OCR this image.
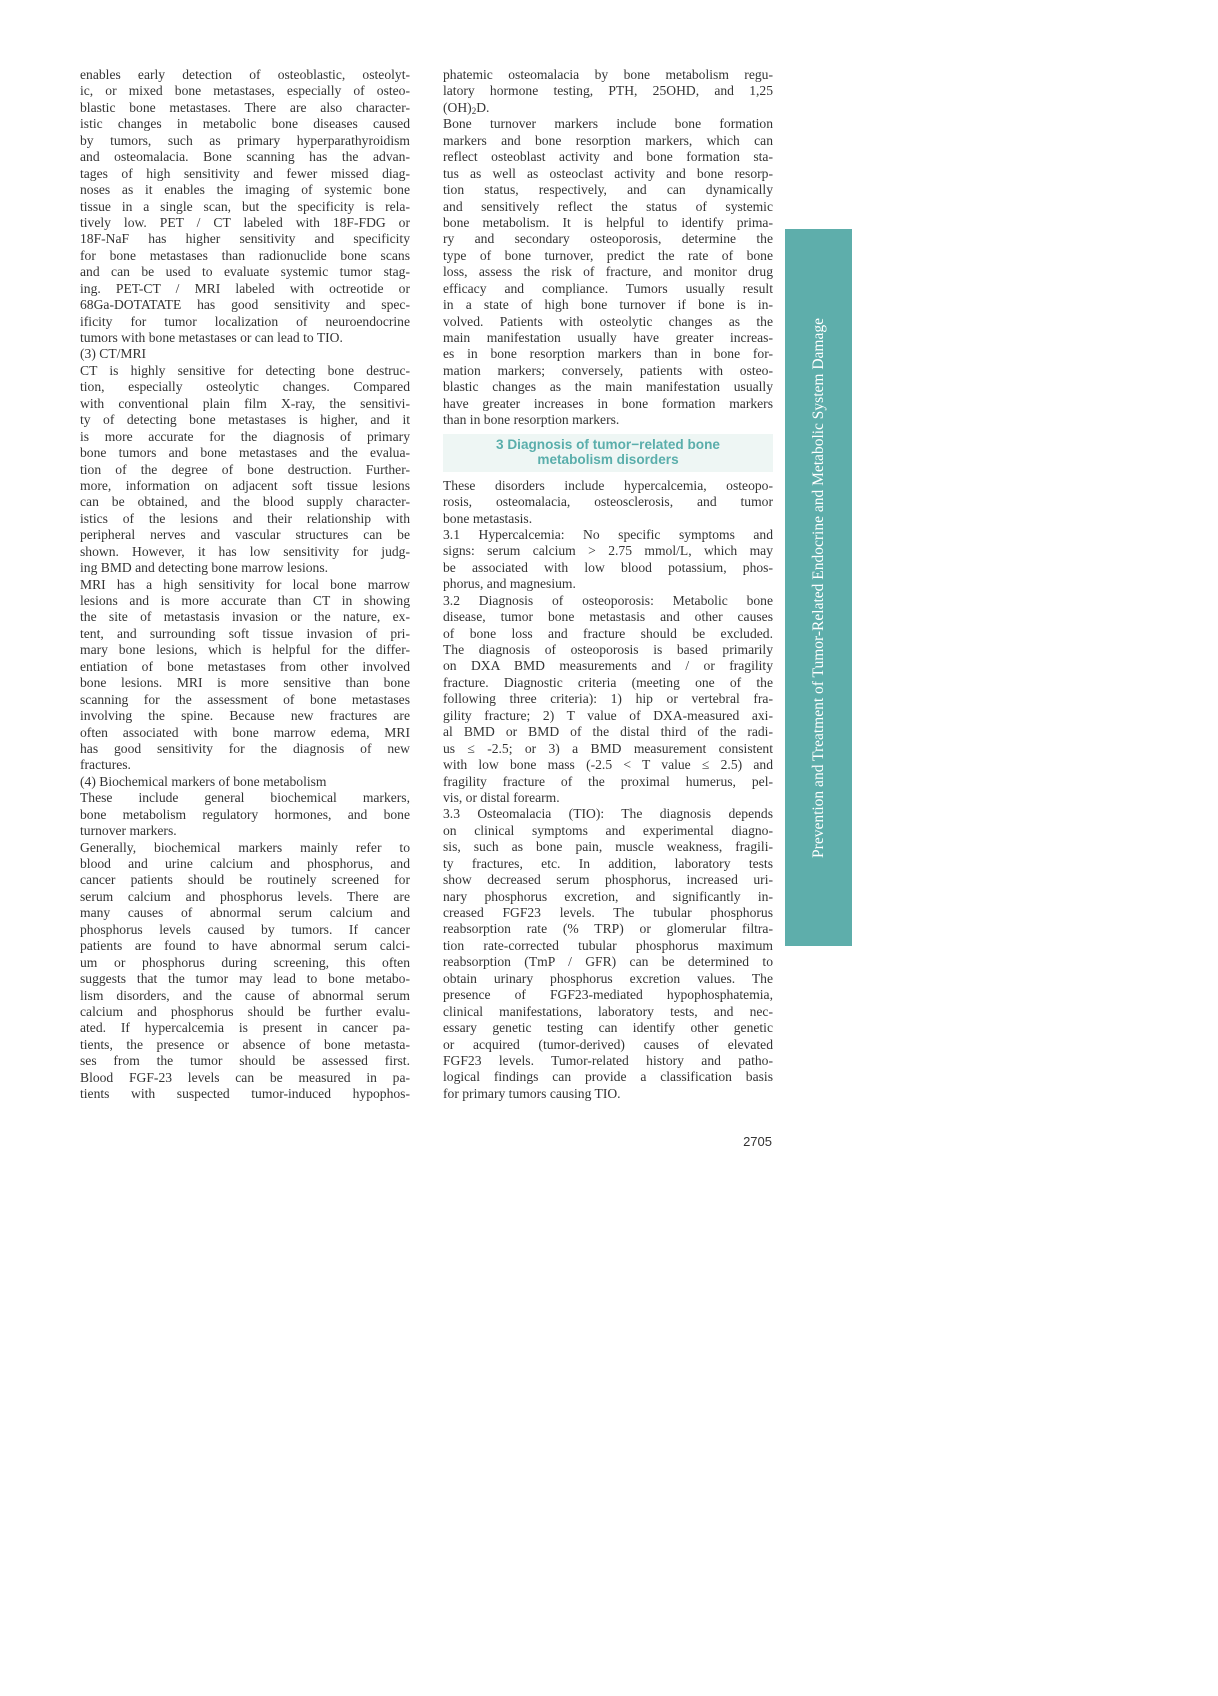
enables early detection of osteoblastic, osteolyt-
ic, or mixed bone metastases, especially of osteo-
blastic bone metastases. There are also character-
istic changes in metabolic bone diseases caused
by tumors, such as primary hyperparathyroidism
and osteomalacia. Bone scanning has the advan-
tages of high sensitivity and fewer missed diag-
noses as it enables the imaging of systemic bone
tissue in a single scan, but the specificity is rela-
tively low. PET / CT labeled with 18F-FDG or
18F-NaF has higher sensitivity and specificity
for bone metastases than radionuclide bone scans
and can be used to evaluate systemic tumor stag-
ing. PET-CT / MRI labeled with octreotide or
68Ga-DOTATATE has good sensitivity and spec-
ificity for tumor localization of neuroendocrine
tumors with bone metastases or can lead to TIO.
(3) CT/MRI
CT is highly sensitive for detecting bone destruc-
tion, especially osteolytic changes. Compared
with conventional plain film X-ray, the sensitivi-
ty of detecting bone metastases is higher, and it
is more accurate for the diagnosis of primary
bone tumors and bone metastases and the evalua-
tion of the degree of bone destruction. Further-
more, information on adjacent soft tissue lesions
can be obtained, and the blood supply character-
istics of the lesions and their relationship with
peripheral nerves and vascular structures can be
shown. However, it has low sensitivity for judg-
ing BMD and detecting bone marrow lesions.
MRI has a high sensitivity for local bone marrow
lesions and is more accurate than CT in showing
the site of metastasis invasion or the nature, ex-
tent, and surrounding soft tissue invasion of pri-
mary bone lesions, which is helpful for the differ-
entiation of bone metastases from other involved
bone lesions. MRI is more sensitive than bone
scanning for the assessment of bone metastases
involving the spine. Because new fractures are
often associated with bone marrow edema, MRI
has good sensitivity for the diagnosis of new
fractures.
(4) Biochemical markers of bone metabolism
These include general biochemical markers,
bone metabolism regulatory hormones, and bone
turnover markers.
Generally, biochemical markers mainly refer to
blood and urine calcium and phosphorus, and
cancer patients should be routinely screened for
serum calcium and phosphorus levels. There are
many causes of abnormal serum calcium and
phosphorus levels caused by tumors. If cancer
patients are found to have abnormal serum calci-
um or phosphorus during screening, this often
suggests that the tumor may lead to bone metabo-
lism disorders, and the cause of abnormal serum
calcium and phosphorus should be further evalu-
ated. If hypercalcemia is present in cancer pa-
tients, the presence or absence of bone metasta-
ses from the tumor should be assessed first.
Blood FGF-23 levels can be measured in pa-
tients with suspected tumor-induced hypophos-
phatemic osteomalacia by bone metabolism regu-
latory hormone testing, PTH, 25OHD, and 1,25
$(OH)_2D$.
Bone turnover markers include bone formation
markers and bone resorption markers, which can
reflect osteoblast activity and bone formation sta-
tus as well as osteoclast activity and bone resorp-
tion status, respectively, and can dynamically
and sensitively reflect the status of systemic
bone metabolism. It is helpful to identify prima-
ry and secondary osteoporosis, determine the
type of bone turnover, predict the rate of bone
loss, assess the risk of fracture, and monitor drug
efficacy and compliance. Tumors usually result
in a state of high bone turnover if bone is in-
volved. Patients with osteolytic changes as the
main manifestation usually have greater increas-
es in bone resorption markers than in bone for-
mation markers; conversely, patients with osteo-
blastic changes as the main manifestation usually
have greater increases in bone formation markers
than in bone resorption markers.
3 Diagnosis of tumor−related bone
metabolism disorders
These disorders include hypercalcemia, osteopo-
rosis, osteomalacia, osteosclerosis, and tumor
bone metastasis.
3.1 Hypercalcemia: No specific symptoms and
signs: serum calcium > 2.75 mmol/L, which may
be associated with low blood potassium, phos-
phorus, and magnesium.
3.2 Diagnosis of osteoporosis: Metabolic bone
disease, tumor bone metastasis and other causes
of bone loss and fracture should be excluded.
The diagnosis of osteoporosis is based primarily
on DXA BMD measurements and / or fragility
fracture. Diagnostic criteria (meeting one of the
following three criteria): 1) hip or vertebral fra-
gility fracture; 2) T value of DXA-measured axi-
al BMD or BMD of the distal third of the radi-
us ≤ -2.5; or 3) a BMD measurement consistent
with low bone mass (-2.5 < T value ≤ 2.5) and
fragility fracture of the proximal humerus, pel-
vis, or distal forearm.
3.3 Osteomalacia (TIO): The diagnosis depends
on clinical symptoms and experimental diagno-
sis, such as bone pain, muscle weakness, fragili-
ty fractures, etc. In addition, laboratory tests
show decreased serum phosphorus, increased uri-
nary phosphorus excretion, and significantly in-
creased FGF23 levels. The tubular phosphorus
reabsorption rate (% TRP) or glomerular filtra-
tion rate-corrected tubular phosphorus maximum
reabsorption (TmP / GFR) can be determined to
obtain urinary phosphorus excretion values. The
presence of FGF23-mediated hypophosphatemia,
clinical manifestations, laboratory tests, and nec-
essary genetic testing can identify other genetic
or acquired (tumor-derived) causes of elevated
FGF23 levels. Tumor-related history and patho-
logical findings can provide a classification basis
for primary tumors causing TIO.
Prevention and Treatment of Tumor-Related Endocrine and Metabolic System Damage
2705
